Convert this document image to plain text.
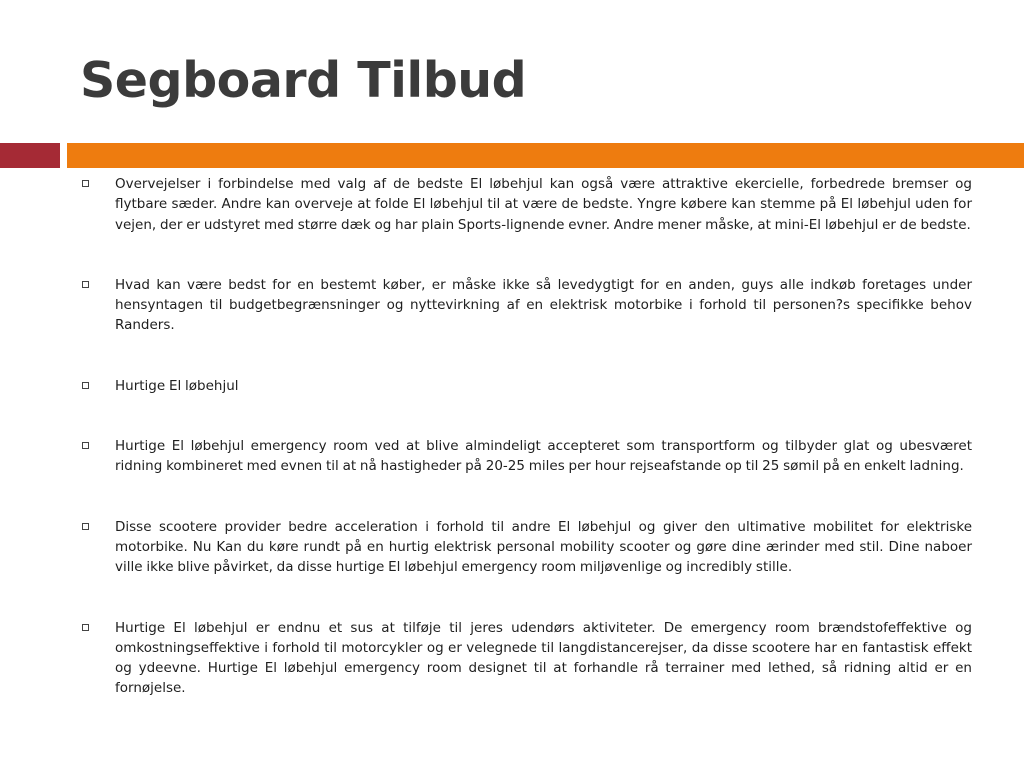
Segboard Tilbud
Overvejelser i forbindelse med valg af de bedste El løbehjul kan også være attraktive ekercielle, forbedrede bremser og flytbare sæder. Andre kan overveje at folde El løbehjul til at være de bedste. Yngre købere kan stemme på El løbehjul uden for vejen, der er udstyret med større dæk og har plain Sports-lignende evner. Andre mener måske, at mini-El løbehjul er de bedste.
Hvad kan være bedst for en bestemt køber, er måske ikke så levedygtigt for en anden, guys alle indkøb foretages under hensyntagen til budgetbegrænsninger og nyttevirkning af en elektrisk motorbike i forhold til personen?s specifikke behov Randers.
Hurtige El løbehjul
Hurtige El løbehjul emergency room ved at blive almindeligt accepteret som transportform og tilbyder glat og ubesværet ridning kombineret med evnen til at nå hastigheder på 20-25 miles per hour rejseafstande op til 25 sømil på en enkelt ladning.
Disse scootere provider bedre acceleration i forhold til andre El løbehjul og giver den ultimative mobilitet for elektriske motorbike. Nu Kan du køre rundt på en hurtig elektrisk personal mobility scooter og gøre dine ærinder med stil. Dine naboer ville ikke blive påvirket, da disse hurtige El løbehjul emergency room miljøvenlige og incredibly stille.
Hurtige El løbehjul er endnu et sus at tilføje til jeres udendørs aktiviteter. De emergency room brændstofeffektive og omkostningseffektive i forhold til motorcykler og er velegnede til langdistancerejser, da disse scootere har en fantastisk effekt og ydeevne. Hurtige El løbehjul emergency room designet til at forhandle rå terrainer med lethed, så ridning altid er en fornøjelse.
